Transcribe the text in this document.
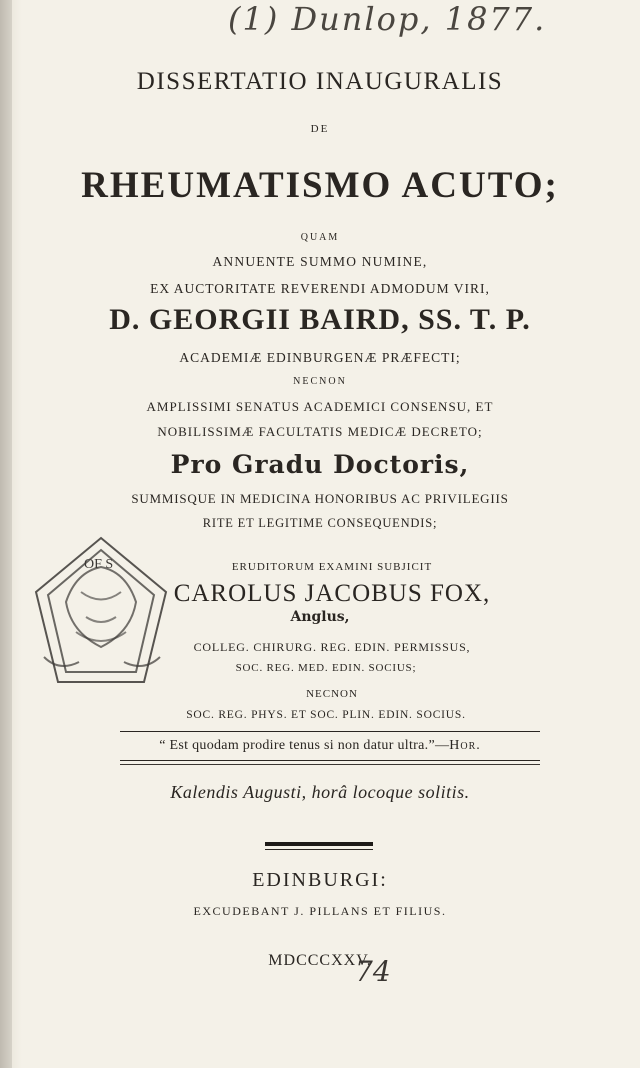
(1) Dunlop, 1877.
DISSERTATIO INAUGURALIS
DE
RHEUMATISMO ACUTO;
QUAM
ANNUENTE SUMMO NUMINE,
EX AUCTORITATE REVERENDI ADMODUM VIRI,
D. GEORGII BAIRD, SS. T. P.
ACADEMIÆ EDINBURGENÆ PRÆFECTI;
NECNON
AMPLISSIMI SENATUS ACADEMICI CONSENSU, ET
NOBILISSIMÆ FACULTATIS MEDICÆ DECRETO;
Pro Gradu Doctoris,
SUMMISQUE IN MEDICINA HONORIBUS AC PRIVILEGIIS
RITE ET LEGITIME CONSEQUENDIS;
OF S	ERUDITORUM EXAMINI SUBJICIT
CAROLUS JACOBUS FOX,
Anglus,
COLLEG. CHIRURG. REG. EDIN. PERMISSUS,
SOC. REG. MED. EDIN. SOCIUS;
NECNON
SOC. REG. PHYS. ET SOC. PLIN. EDIN. SOCIUS.
“ Est quodam prodire tenus si non datur ultra.”—Hor.
Kalendis Augusti, horâ locoque solitis.
EDINBURGI:
EXCUDEBANT J. PILLANS ET FILIUS.
MDCCCXXV.
74
